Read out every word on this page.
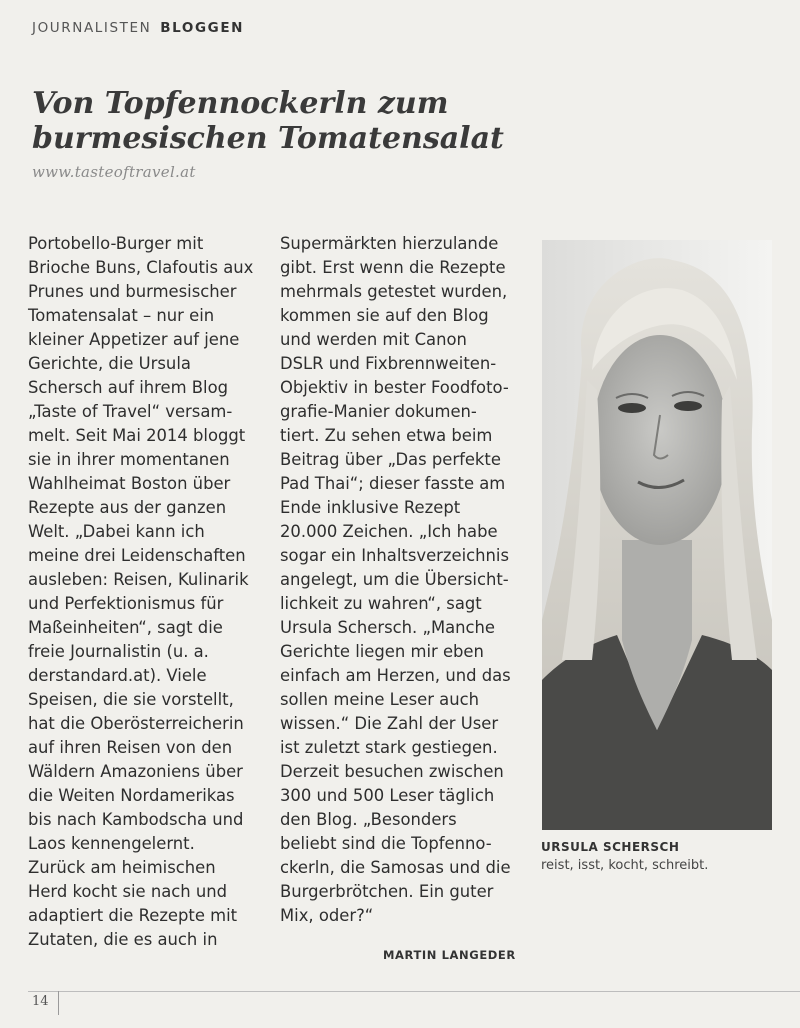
JOURNALISTEN BLOGGEN
Von Topfennockerln zum burmesischen Tomatensalat
www.tasteoftravel.at

Portobello-Burger mit

Brioche Buns, Clafoutis aux

Prunes und burmesischer

Tomatensalat – nur ein

kleiner Appetizer auf jene

Gerichte, die Ursula

Schersch auf ihrem Blog

„Taste of Travel“ versam-

melt. Seit Mai 2014 bloggt

sie in ihrer momentanen

Wahlheimat Boston über

Rezepte aus der ganzen

Welt. „Dabei kann ich

meine drei Leidenschaften

ausleben: Reisen, Kulinarik

und Perfektionismus für

Maßeinheiten“, sagt die

freie Journalistin (u. a.

derstandard.at). Viele

Speisen, die sie vorstellt,

hat die Oberösterreicherin

auf ihren Reisen von den

Wäldern Amazoniens über

die Weiten Nordamerikas

bis nach Kambodscha und

Laos kennengelernt.

Zurück am heimischen

Herd kocht sie nach und

adaptiert die Rezepte mit

Zutaten, die es auch in

Supermärkten hierzulande

gibt. Erst wenn die Rezepte

mehrmals getestet wurden,

kommen sie auf den Blog

und werden mit Canon

DSLR und Fixbrennweiten-

Objektiv in bester Foodfoto-

grafie-Manier dokumen-

tiert. Zu sehen etwa beim

Beitrag über „Das perfekte

Pad Thai“; dieser fasste am

Ende inklusive Rezept

20.000 Zeichen. „Ich habe

sogar ein Inhaltsverzeichnis

angelegt, um die Übersicht-

lichkeit zu wahren“, sagt

Ursula Schersch. „Manche

Gerichte liegen mir eben

einfach am Herzen, und das

sollen meine Leser auch

wissen.“ Die Zahl der User

ist zuletzt stark gestiegen.

Derzeit besuchen zwischen

300 und 500 Leser täglich

den Blog. „Besonders

beliebt sind die Topfenno-

ckerln, die Samosas und die

Burgerbrötchen. Ein guter

Mix, oder?“

MARTIN LANGEDER
URSULA SCHERSCH
reist, isst, kocht, schreibt.
14
